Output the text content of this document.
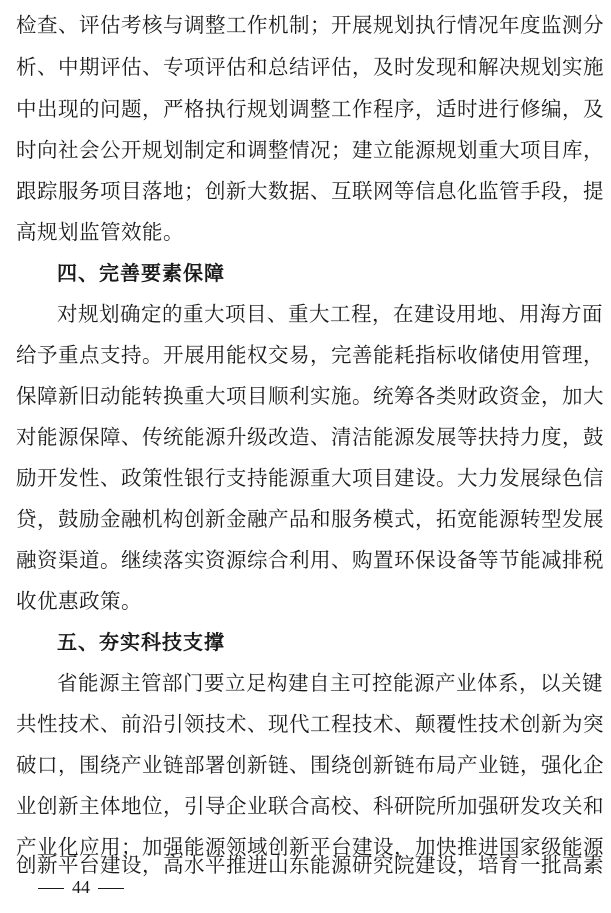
检查、评估考核与调整工作机制；开展规划执行情况年度监测分
析、中期评估、专项评估和总结评估，及时发现和解决规划实施
中出现的问题，严格执行规划调整工作程序，适时进行修编，及
时向社会公开规划制定和调整情况；建立能源规划重大项目库，
跟踪服务项目落地；创新大数据、互联网等信息化监管手段，提
高规划监管效能。
四、完善要素保障
对规划确定的重大项目、重大工程，在建设用地、用海方面
给予重点支持。开展用能权交易，完善能耗指标收储使用管理，
保障新旧动能转换重大项目顺利实施。统筹各类财政资金，加大
对能源保障、传统能源升级改造、清洁能源发展等扶持力度，鼓
励开发性、政策性银行支持能源重大项目建设。大力发展绿色信
贷，鼓励金融机构创新金融产品和服务模式，拓宽能源转型发展
融资渠道。继续落实资源综合利用、购置环保设备等节能减排税
收优惠政策。
五、夯实科技支撑
省能源主管部门要立足构建自主可控能源产业体系，以关键
共性技术、前沿引领技术、现代工程技术、颠覆性技术创新为突
破口，围绕产业链部署创新链、围绕创新链布局产业链，强化企
业创新主体地位，引导企业联合高校、科研院所加强研发攻关和
产业化应用；加强能源领域创新平台建设，加快推进国家级能源
创新平台建设，高水平推进山东能源研究院建设，培育一批高素
44
